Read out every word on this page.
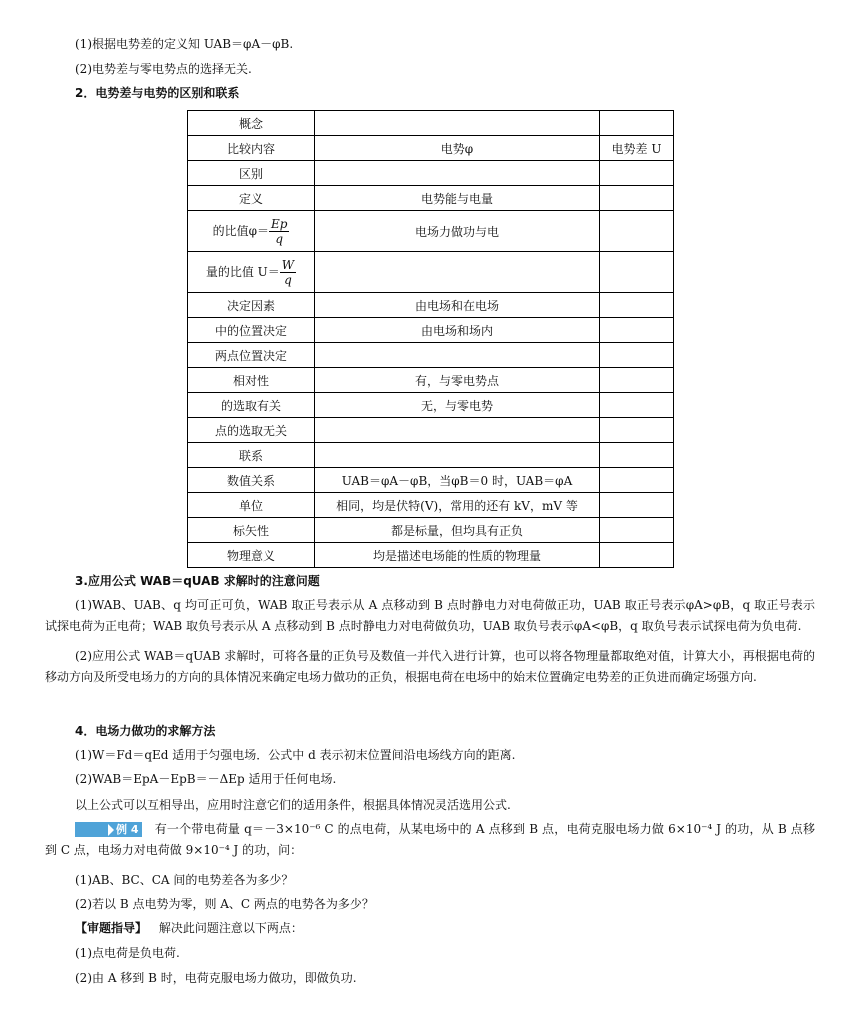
(1)根据电势差的定义知 UAB＝φA－φB.
(2)电势差与零电势点的选择无关.
2．电势差与电势的区别和联系
概念		
比较内容	电势φ	电势差 U
区别		
定义	电势能与电量	
的比值$\varphi= \frac{Ep}{q}$	电场力做功与电	
量的比值 $U= \frac{W}{q}$

决定因素	由电场和在电场	
中的位置决定	由电场和场内	
两点位置决定		
相对性	有，与零电势点	
的选取有关	无，与零电势	
点的选取无关		
联系		
数值关系	UAB＝φA－φB，当φB＝0 时，UAB＝φA	
单位	相同，均是伏特(V)，常用的还有 kV，mV 等	
标矢性	都是标量，但均具有正负	
物理意义	均是描述电场能的性质的物理量	
3.应用公式 WAB＝qUAB 求解时的注意问题
(1)WAB、UAB、q 均可正可负，WAB 取正号表示从 A 点移动到 B 点时静电力对电荷做正功，UAB 取正号表示φA>φB，q 取正号表示试探电荷为正电荷；WAB 取负号表示从 A 点移动到 B 点时静电力对电荷做负功，UAB 取负号表示φA<φB，q 取负号表示试探电荷为负电荷.
(2)应用公式 WAB＝qUAB 求解时，可将各量的正负号及数值一并代入进行计算，也可以将各物理量都取绝对值，计算大小，再根据电荷的移动方向及所受电场力的方向的具体情况来确定电场力做功的正负，根据电荷在电场中的始末位置确定电势差的正负进而确定场强方向.
4．电场力做功的求解方法
(1)W＝Fd＝qEd 适用于匀强电场．公式中 d 表示初末位置间沿电场线方向的距离.
(2)WAB＝EpA－EpB＝－ΔEp 适用于任何电场.
以上公式可以互相导出，应用时注意它们的适用条件，根据具体情况灵活选用公式.
例 4 有一个带电荷量 q＝－3×10⁻⁶ C 的点电荷，从某电场中的 A 点移到 B 点，电荷克服电场力做 6×10⁻⁴ J 的功，从 B 点移到 C 点，电场力对电荷做 9×10⁻⁴ J 的功，问：
(1)AB、BC、CA 间的电势差各为多少？
(2)若以 B 点电势为零，则 A、C 两点的电势各为多少？
【审题指导】 解决此问题注意以下两点：
(1)点电荷是负电荷.
(2)由 A 移到 B 时，电荷克服电场力做功，即做负功.
